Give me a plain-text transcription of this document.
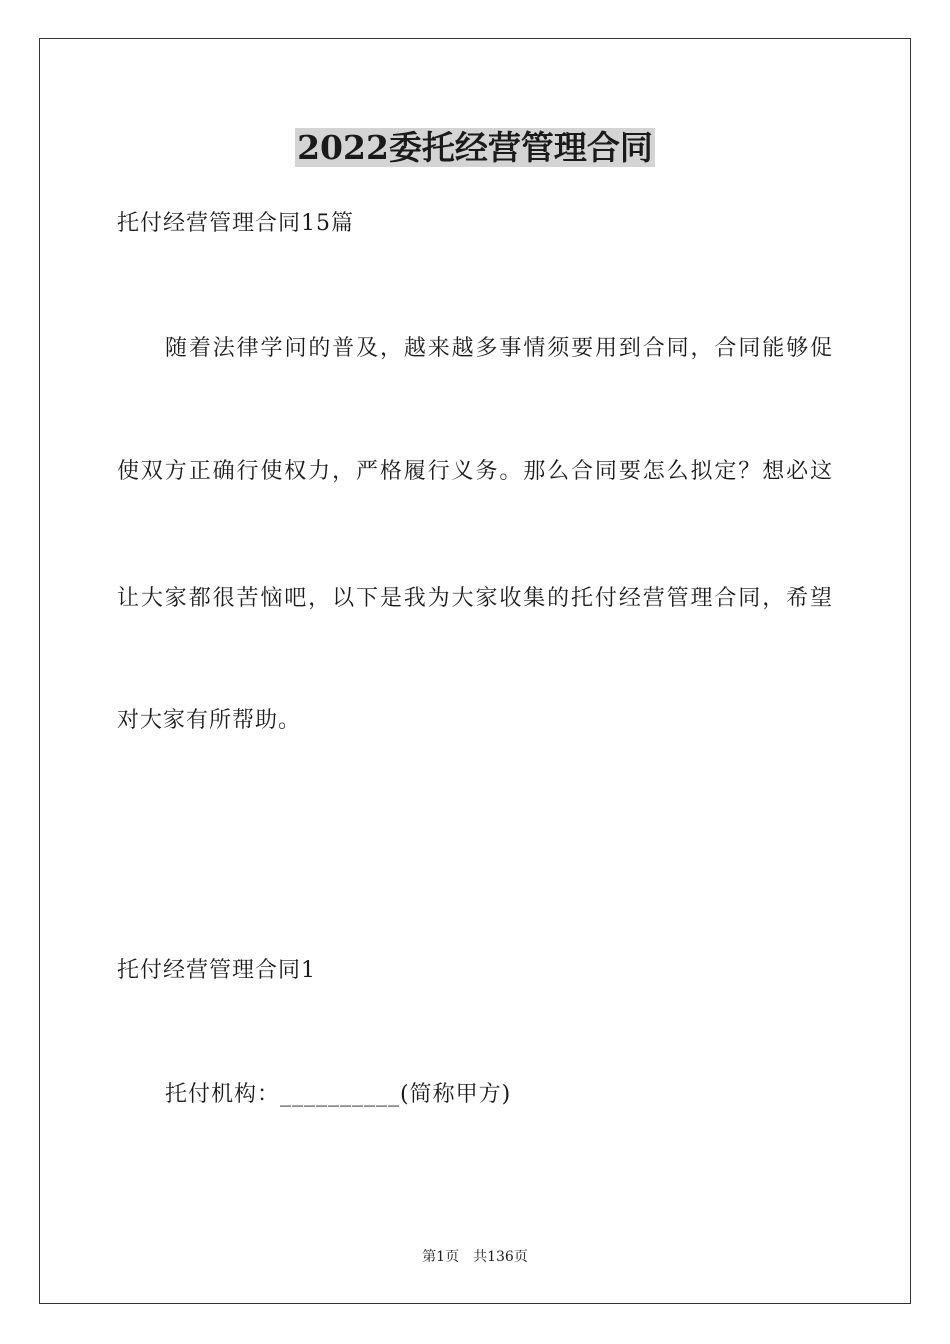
2022委托经营管理合同
托付经营管理合同15篇
随着法律学问的普及，越来越多事情须要用到合同，合同能够促
使双方正确行使权力，严格履行义务。那么合同要怎么拟定？想必这
让大家都很苦恼吧，以下是我为大家收集的托付经营管理合同，希望
对大家有所帮助。
托付经营管理合同1
托付机构：__________(简称甲方)
第1页 共136页
